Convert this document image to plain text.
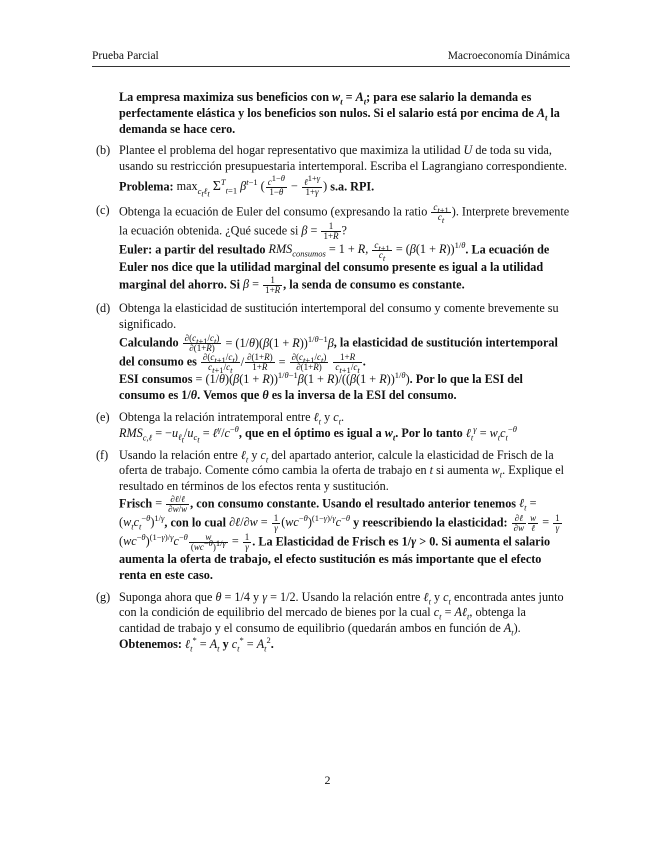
Prueba Parcial	Macroeconomía Dinámica

La empresa maximiza sus beneficios con $w_t = A_t$; para ese salario la demanda es perfectamente elástica y los beneficios son nulos. Si el salario está por encima de $A_t$ la demanda se hace cero.

(b) Plantee el problema del hogar representativo que maximiza la utilidad U de toda su vida, usando su restricción presupuestaria intertemporal. Escriba el Lagrangiano correspondiente.

Problema: $\max_{c_t\ell_t} \Sigma^T_{t=1}$ $\beta^{t-1}$ ( $\frac{c^{1-\theta}}{1-\theta} - \frac{\ell^{1+\gamma}}{1+\gamma}$ ) s.a. RPI.

(c) Obtenga la ecuación de Euler del consumo (expresando la ratio $\frac{c_{t+1}}{c_t}$ ). Interprete brevemente la ecuación obtenida. ¿Qué sucede si $\beta = \frac{1}{1+R}$ ?

Euler: a partir del resultado $RMS_{consumos} = 1 + R$, $\frac{c_{t+1}}{c_t} = (\beta(1 + R))^{1/\theta}$. La ecuación de Euler nos dice que la utilidad marginal del consumo presente es igual a la utilidad marginal del ahorro. Si $\beta = \frac{1}{1+R}$ , la senda de consumo es constante.

(d) Obtenga la elasticidad de sustitución intertemporal del consumo y comente brevemente su significado.

Calculando $\frac{\partial(c_{t+1}/c_t)}{\partial(1+R)} = (1/\theta)(\beta(1 + R))^{1/\theta-1}\beta$, la elasticidad de sustitución intertemporal del consumo es $\frac{\partial(c_{t+1}/c_t)}{c_{t+1}/c_t} / \frac{\partial(1+R)}{1+R} = \frac{\partial(c_{t+1}/c_t)}{\partial(1+R)}$
$\frac{1+R}{c_{t+1}/c_t}$ .
ESI consumos = $(1/\theta)(\beta(1 + R))^{1/\theta-1}\beta(1 + R)/((\beta(1 + R))^{1/\theta})$. Por lo que la ESI del consumo es 1/θ. Vemos que θ es la inversa de la ESI del consumo.

(e) Obtenga la relación intratemporal entre ℓ$_t$ y $c_t$.

$RMS_{c,\ell} = -u_{\ell_t}/u_{c_t}$ = $\ell^\gamma/c^{-\theta}$, que en el óptimo es igual a $w_t$. Por lo tanto ℓ$_t^\gamma$ = $w_tc_t^{-\theta}$

(f) Usando la relación entre ℓ$_t$ y $c_t$ del apartado anterior, calcule la elasticidad de Frisch de la oferta de trabajo. Comente cómo cambia la oferta de trabajo en t si aumenta $w_t$. Explique el resultado en términos de los efectos renta y sustitución.

Frisch = $\frac{\text{∂ℓ/ℓ}}{\partial w/w}$ , con consumo constante. Usando el resultado anterior tenemos ℓ$_t$ = $(w_tc_t^{-\theta})^{1/\gamma}$, con lo cual ∂ℓ/∂w = $\frac{1}{\gamma} (wc^{-\theta})^{(1-\gamma)/\gamma}c^{-\theta}$ y reescribiendo la elasticidad: $\frac{\text{∂ℓ}}{\partial w} \frac{w}{\text{ℓ}} = \frac{1}{\gamma}$
$(wc^{-\theta})^{(1-\gamma)/\gamma}c^{-\theta} \frac{w}{(wc^{-\theta})^{1/\gamma}} = \frac{1}{\gamma}$ . La Elasticidad de Frisch es 1/γ > 0. Si aumenta el salario aumenta la oferta de trabajo, el efecto sustitución es más importante que el efecto renta en este caso.

(g) Suponga ahora que θ = 1/4 y γ = 1/2. Usando la relación entre ℓ$_t$ y $c_t$ encontrada antes junto con la condición de equilibrio del mercado de bienes por la cual $c_t$ = Aℓ$_t$, obtenga la cantidad de trabajo y el consumo de equilibrio (quedarán ambos en función de $A_t$).

Obtenemos: ℓ$_t$* = $A_t$ y $c_t^* = A_t^2$.

2
